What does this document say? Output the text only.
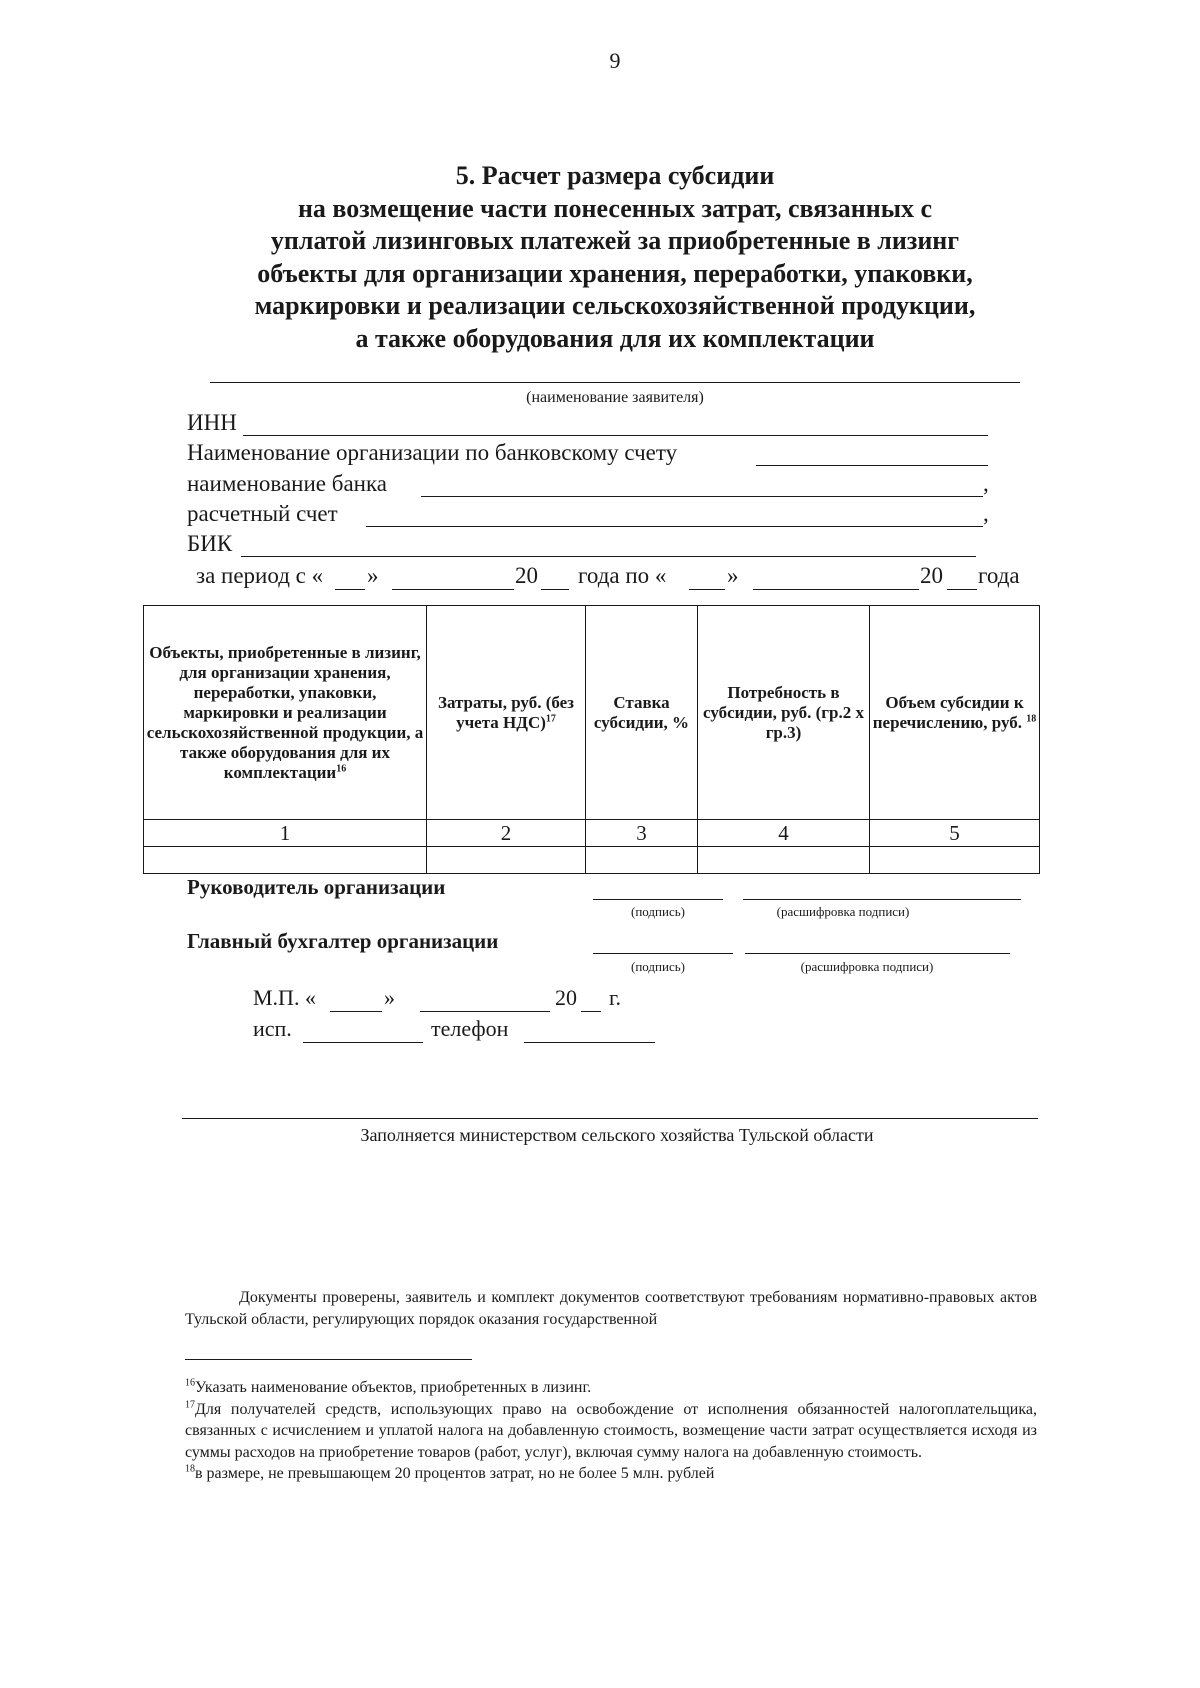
9
5. Расчет размера субсидии
на возмещение части понесенных затрат, связанных с
уплатой лизинговых платежей за приобретенные в лизинг
объекты для организации хранения, переработки, упаковки,
маркировки и реализации сельскохозяйственной продукции,
а также оборудования для их комплектации
(наименование заявителя)
ИНН
Наименование организации по банковскому счету
наименование банка	,
расчетный счет	,
БИК
за период с « »	20 года по «	»	20 года
Объекты, приобретенные в лизинг, для организации хранения, переработки, упаковки, маркировки и реализации сельскохозяйственной продукции, а также оборудования для их комплектации$^{16}$	Затраты, руб. (без учета НДС)$^{17}$	Ставка субсидии, %	Потребность в субсидии, руб. (гр.2 х гр.3)	Объем субсидии к перечислению, руб. $^{18}$
1	2	3	4	5

Руководитель организации
(подпись)	(расшифровка подписи)
Главный бухгалтер организации
(подпись)	(расшифровка подписи)
М.П. «	»	20 г.
исп.	телефон
Заполняется министерством сельского хозяйства Тульской области
Документы проверены, заявитель и комплект документов соответствуют требованиям нормативно-правовых актов Тульской области, регулирующих порядок оказания государственной

$^{16}$Указать наименование объектов, приобретенных в лизинг.

$^{17}$Для получателей средств, использующих право на освобождение от исполнения обязанностей налогоплательщика, связанных с исчислением и уплатой налога на добавленную стоимость, возмещение части затрат осуществляется исходя из суммы расходов на приобретение товаров (работ, услуг), включая сумму налога на добавленную стоимость.

$^{18}$в размере, не превышающем 20 процентов затрат, но не более 5 млн. рублей
